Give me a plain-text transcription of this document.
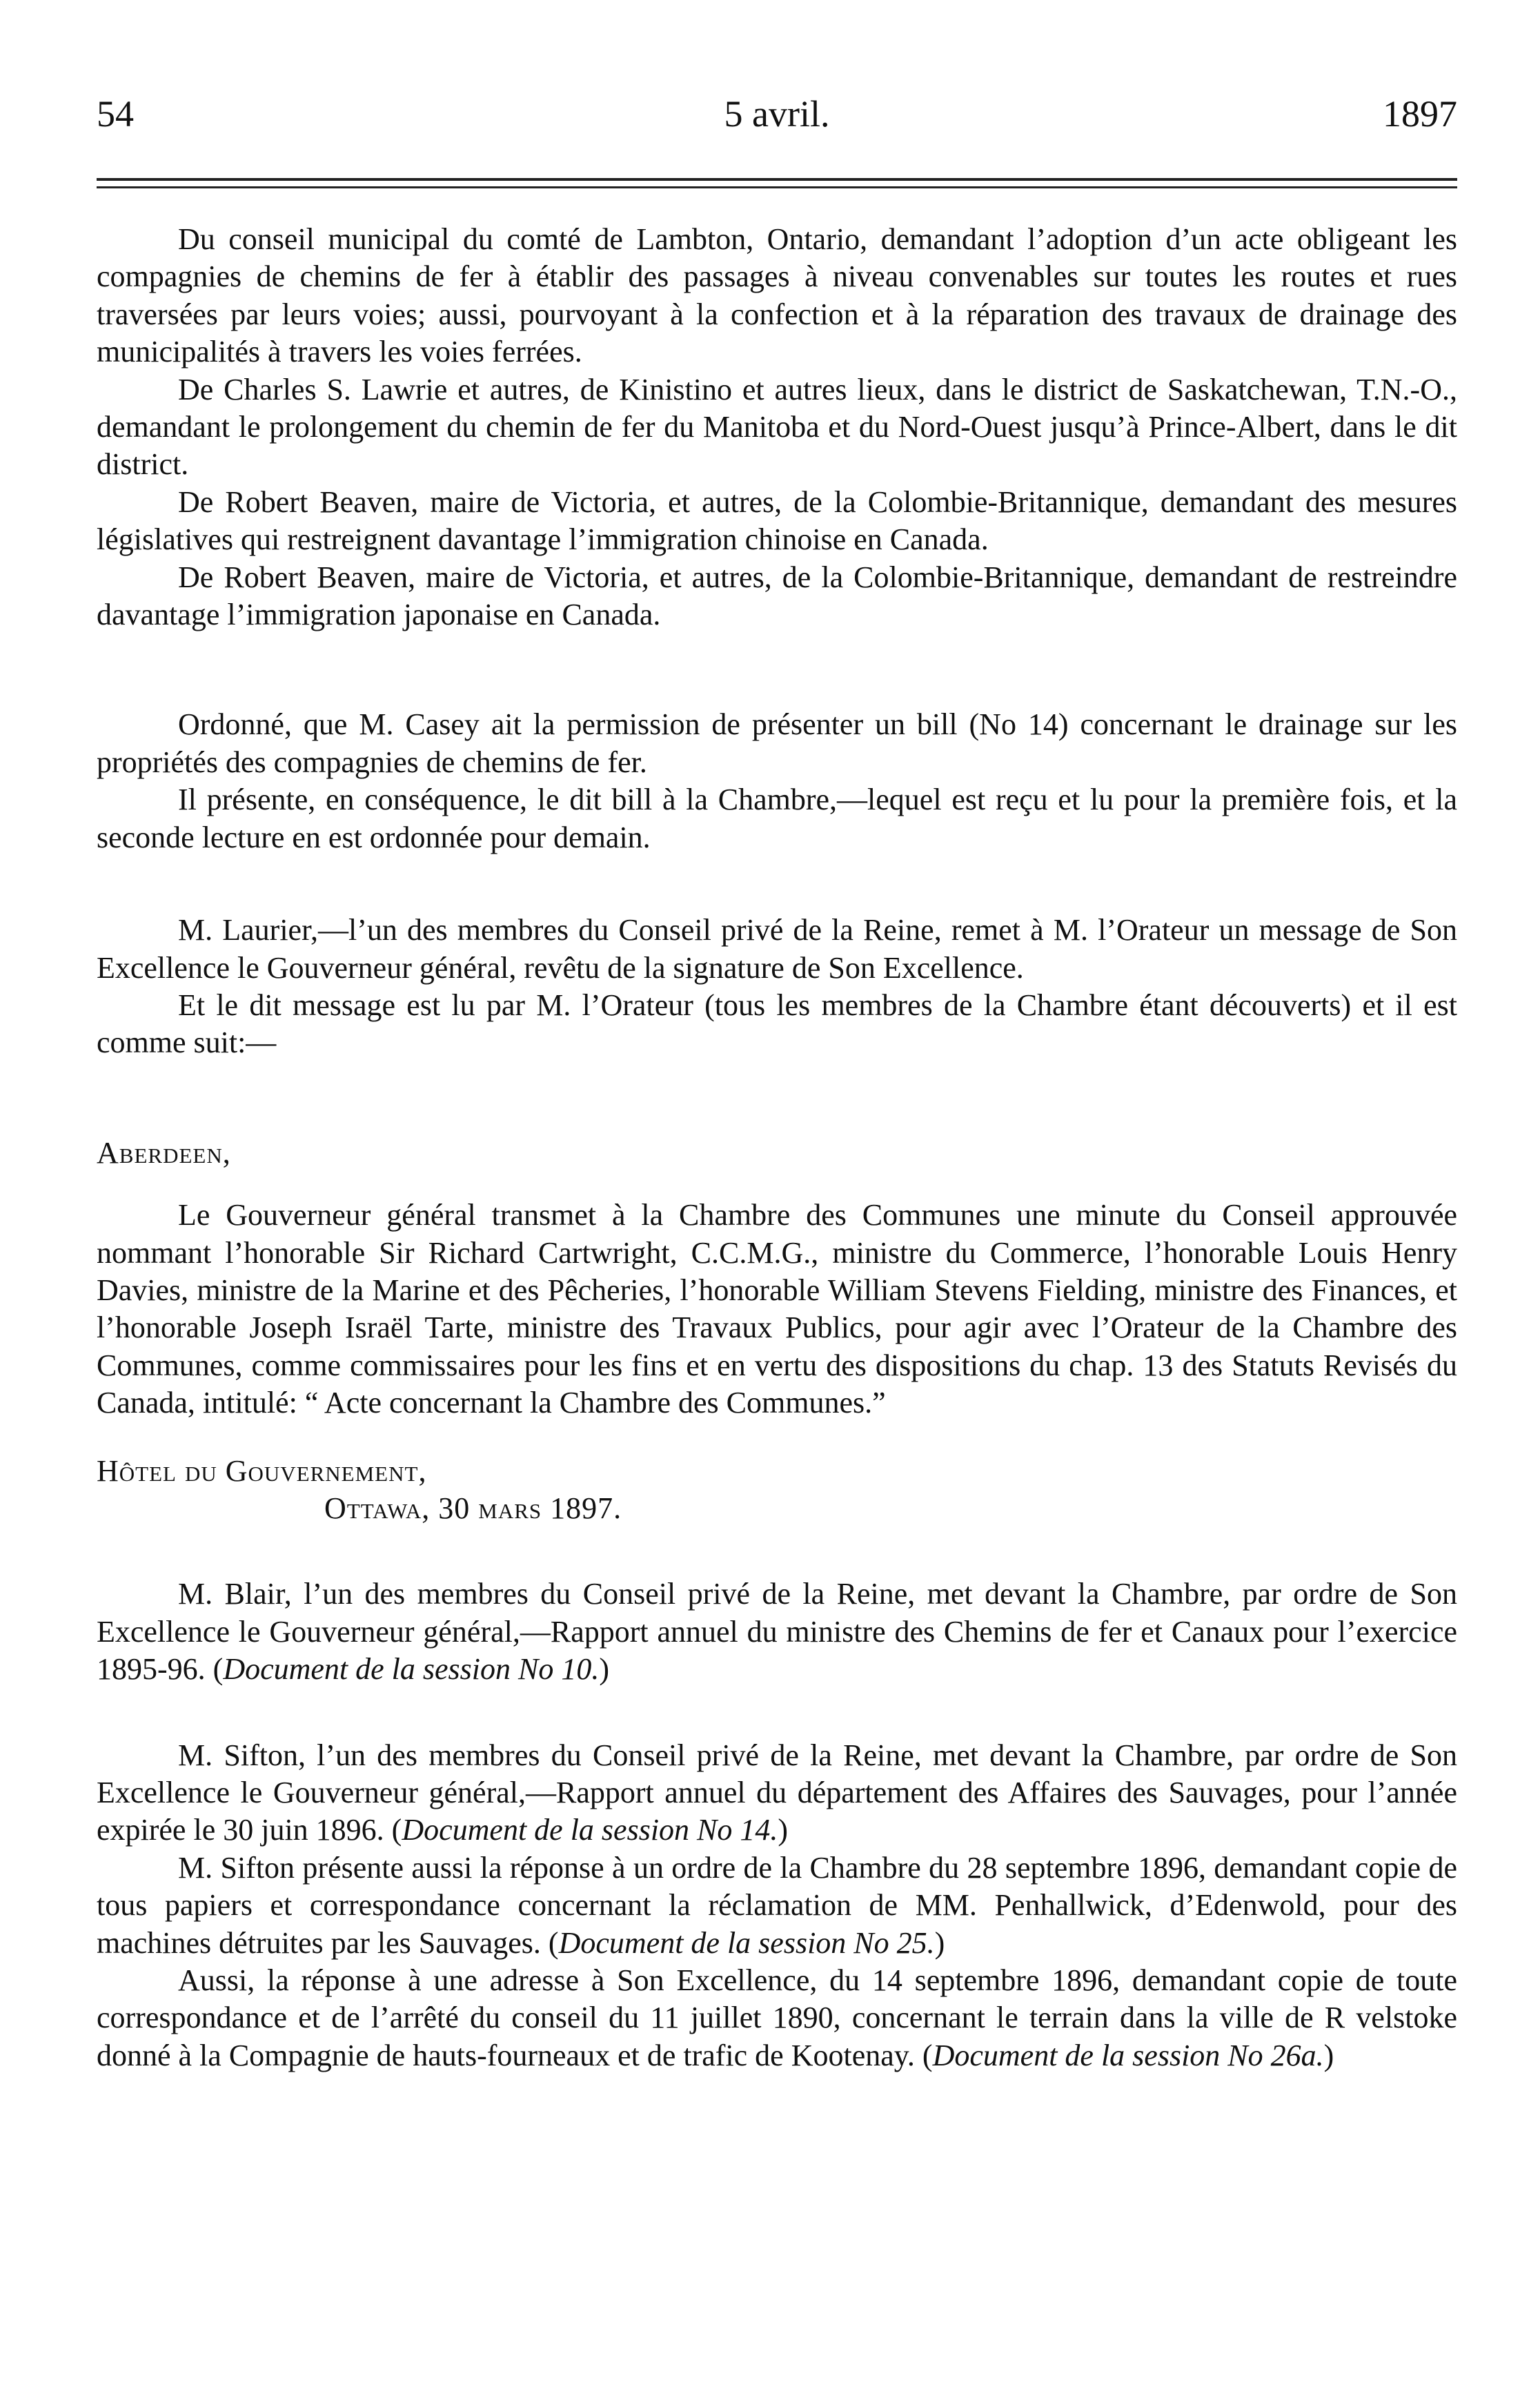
54	5 avril.	1897

Du conseil municipal du comté de Lambton, Ontario, demandant l’adoption d’un acte obligeant les compagnies de chemins de fer à établir des passages à niveau convenables sur toutes les routes et rues traversées par leurs voies; aussi, pourvoyant à la confection et à la réparation des travaux de drainage des municipalités à travers les voies ferrées.

De Charles S. Lawrie et autres, de Kinistino et autres lieux, dans le district de Saskatchewan, T.N.-O., demandant le prolongement du chemin de fer du Manitoba et du Nord-Ouest jusqu’à Prince-Albert, dans le dit district.

De Robert Beaven, maire de Victoria, et autres, de la Colombie-Britannique, demandant des mesures législatives qui restreignent davantage l’immigration chinoise en Canada.

De Robert Beaven, maire de Victoria, et autres, de la Colombie-Britannique, demandant de restreindre davantage l’immigration japonaise en Canada.

Ordonné, que M. Casey ait la permission de présenter un bill (No 14) concernant le drainage sur les propriétés des compagnies de chemins de fer.

Il présente, en conséquence, le dit bill à la Chambre,—lequel est reçu et lu pour la première fois, et la seconde lecture en est ordonnée pour demain.

M. Laurier,—l’un des membres du Conseil privé de la Reine, remet à M. l’Orateur un message de Son Excellence le Gouverneur général, revêtu de la signature de Son Excellence.

Et le dit message est lu par M. l’Orateur (tous les membres de la Chambre étant découverts) et il est comme suit:—

Aberdeen,

Le Gouverneur général transmet à la Chambre des Communes une minute du Conseil approuvée nommant l’honorable Sir Richard Cartwright, C.C.M.G., ministre du Commerce, l’honorable Louis Henry Davies, ministre de la Marine et des Pêcheries, l’honorable William Stevens Fielding, ministre des Finances, et l’honorable Joseph Israël Tarte, ministre des Travaux Publics, pour agir avec l’Orateur de la Chambre des Communes, comme commissaires pour les fins et en vertu des dispositions du chap. 13 des Statuts Revisés du Canada, intitulé: “ Acte concernant la Chambre des Communes.”

Hôtel du Gouvernement,

Ottawa, 30 mars 1897.

M. Blair, l’un des membres du Conseil privé de la Reine, met devant la Chambre, par ordre de Son Excellence le Gouverneur général,—Rapport annuel du ministre des Chemins de fer et Canaux pour l’exercice 1895-96. (Document de la session No 10.)

M. Sifton, l’un des membres du Conseil privé de la Reine, met devant la Chambre, par ordre de Son Excellence le Gouverneur général,—Rapport annuel du département des Affaires des Sauvages, pour l’année expirée le 30 juin 1896. (Document de la session No 14.)

M. Sifton présente aussi la réponse à un ordre de la Chambre du 28 septembre 1896, demandant copie de tous papiers et correspondance concernant la réclamation de MM. Penhallwick, d’Edenwold, pour des machines détruites par les Sauvages. (Document de la session No 25.)

Aussi, la réponse à une adresse à Son Excellence, du 14 septembre 1896, demandant copie de toute correspondance et de l’arrêté du conseil du 11 juillet 1890, concernant le terrain dans la ville de R velstoke donné à la Compagnie de hauts-fourneaux et de trafic de Kootenay. (Document de la session No 26a.)
